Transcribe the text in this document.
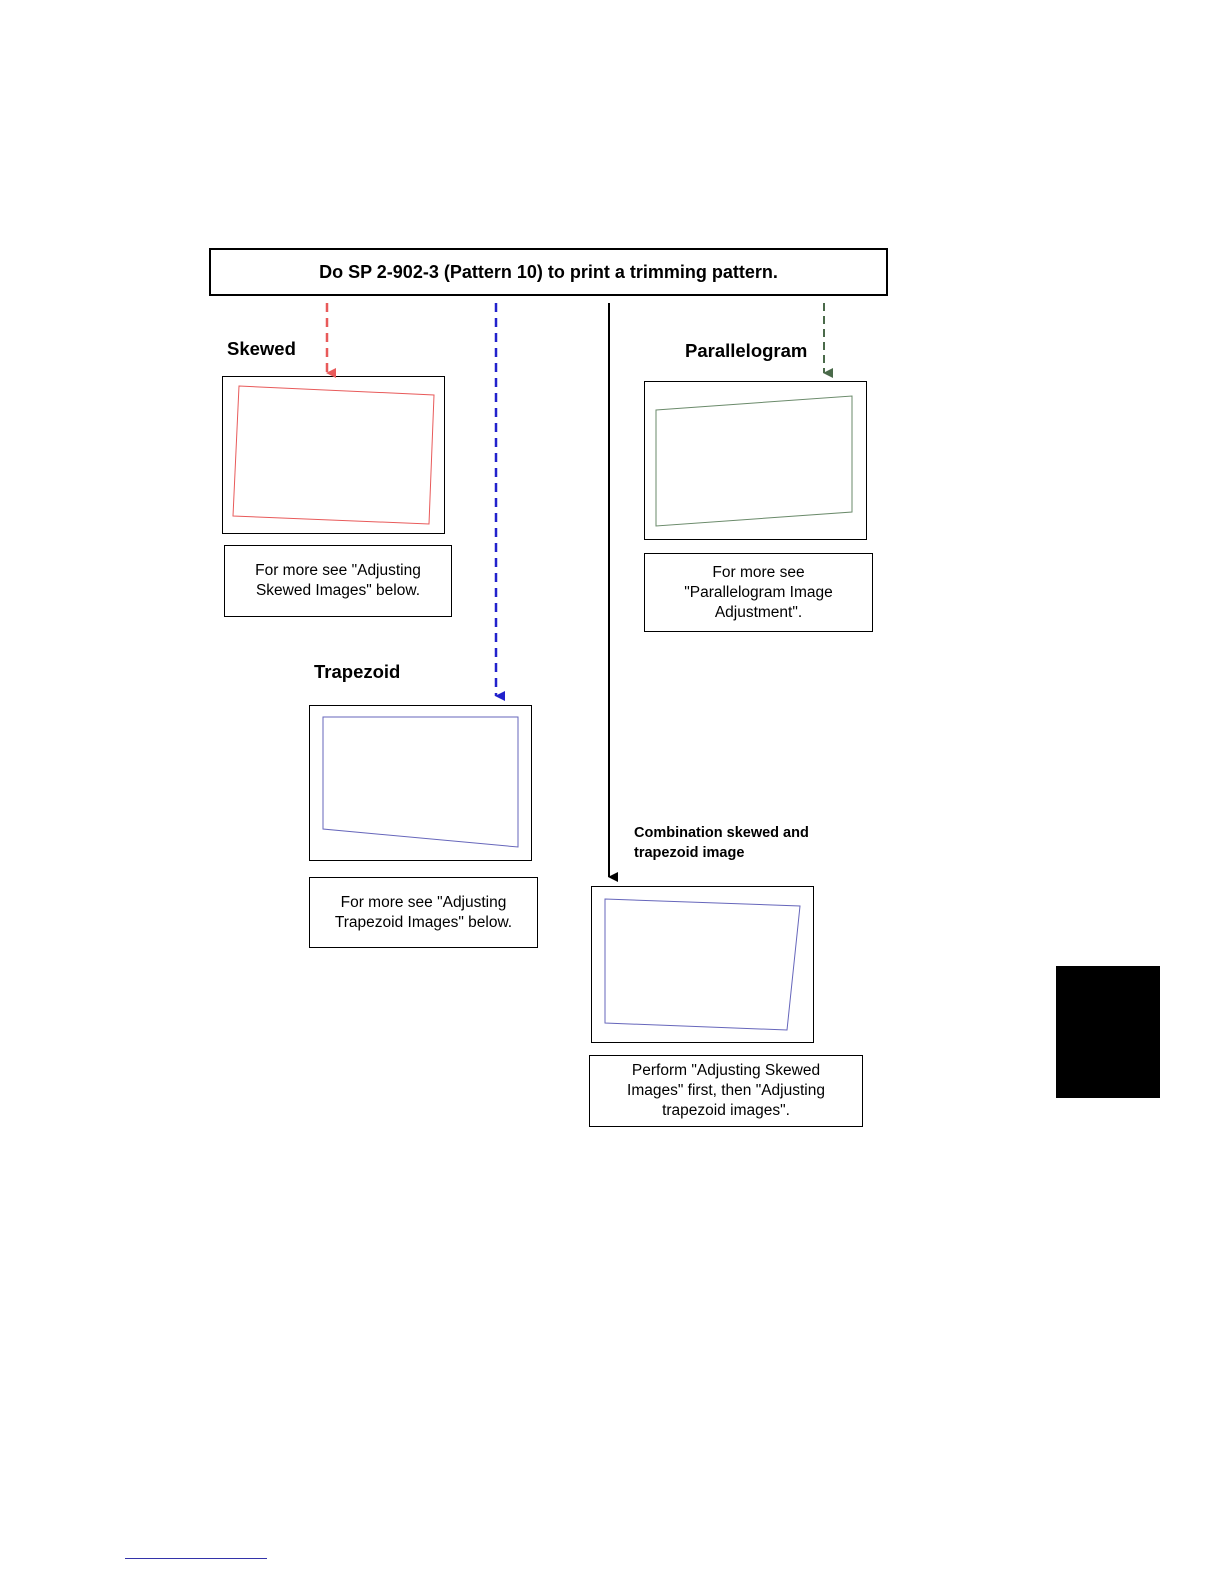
Do SP 2-902-3 (Pattern 10) to print a trimming pattern.
Skewed	Parallelogram
Trapezoid
Combination skewed and trapezoid image
For more see "Adjusting Skewed Images" below.
For more see "Parallelogram Image Adjustment".
For more see "Adjusting Trapezoid Images" below.
Perform "Adjusting Skewed Images" first, then "Adjusting trapezoid images".
